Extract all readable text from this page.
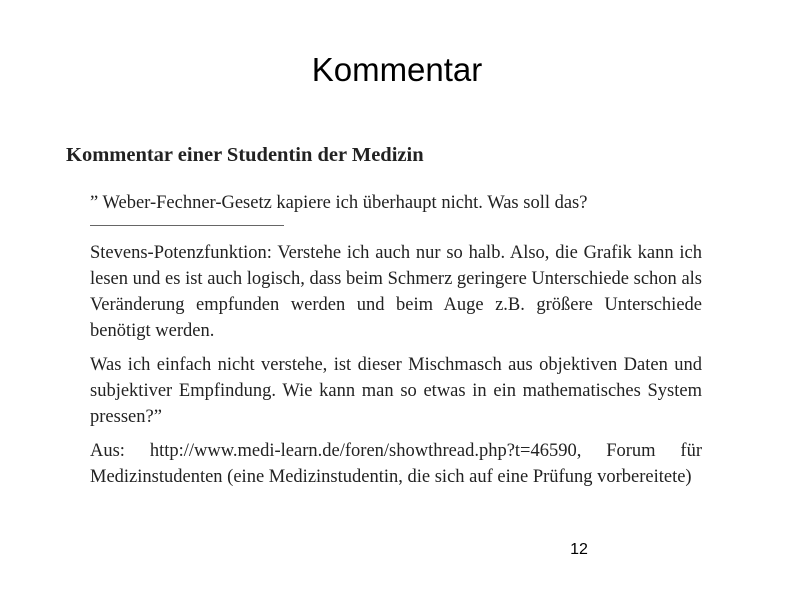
Kommentar
Kommentar einer Studentin der Medizin

” Weber-Fechner-Gesetz kapiere ich überhaupt nicht. Was soll das?

Stevens-Potenzfunktion: Verstehe ich auch nur so halb. Also, die Grafik kann ich lesen und es ist auch logisch, dass beim Schmerz geringere Unterschiede schon als Veränderung empfunden werden und beim Auge z.B. größere Unterschiede benötigt werden.

Was ich einfach nicht verstehe, ist dieser Mischmasch aus objektiven Daten und subjektiver Empfindung. Wie kann man so etwas in ein mathematisches System pressen?”

Aus: http://www.medi-learn.de/foren/showthread.php?t=46590, Forum für Medizinstudenten (eine Medizinstudentin, die sich auf eine Prüfung vorbereitete)

12
